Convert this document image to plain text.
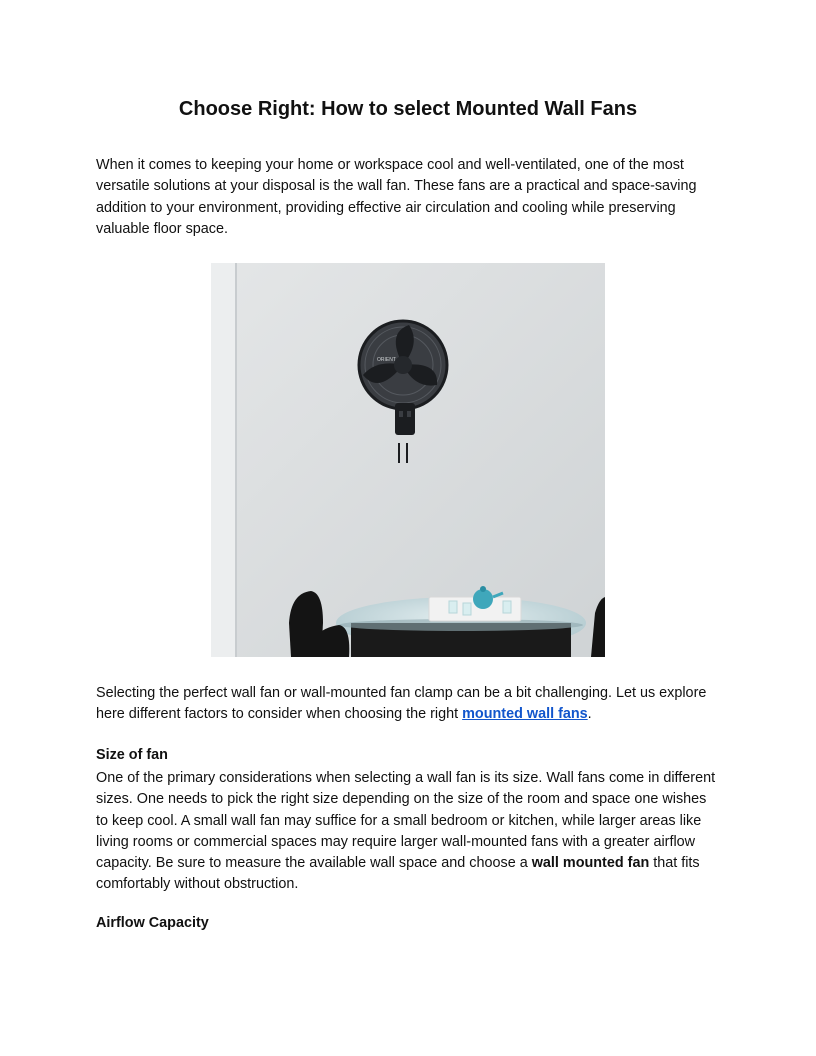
Choose Right: How to select Mounted Wall Fans

When it comes to keeping your home or workspace cool and well-ventilated, one of the most versatile solutions at your disposal is the wall fan. These fans are a practical and space-saving addition to your environment, providing effective air circulation and cooling while preserving valuable floor space.

ORIENT

Selecting the perfect wall fan or wall-mounted fan clamp can be a bit challenging. Let us explore here different factors to consider when choosing the right mounted wall fans.

Size of fan

One of the primary considerations when selecting a wall fan is its size. Wall fans come in different sizes. One needs to pick the right size depending on the size of the room and space one wishes to keep cool. A small wall fan may suffice for a small bedroom or kitchen, while larger areas like living rooms or commercial spaces may require larger wall-mounted fans with a greater airflow capacity. Be sure to measure the available wall space and choose a wall mounted fan that fits comfortably without obstruction.

Airflow Capacity
